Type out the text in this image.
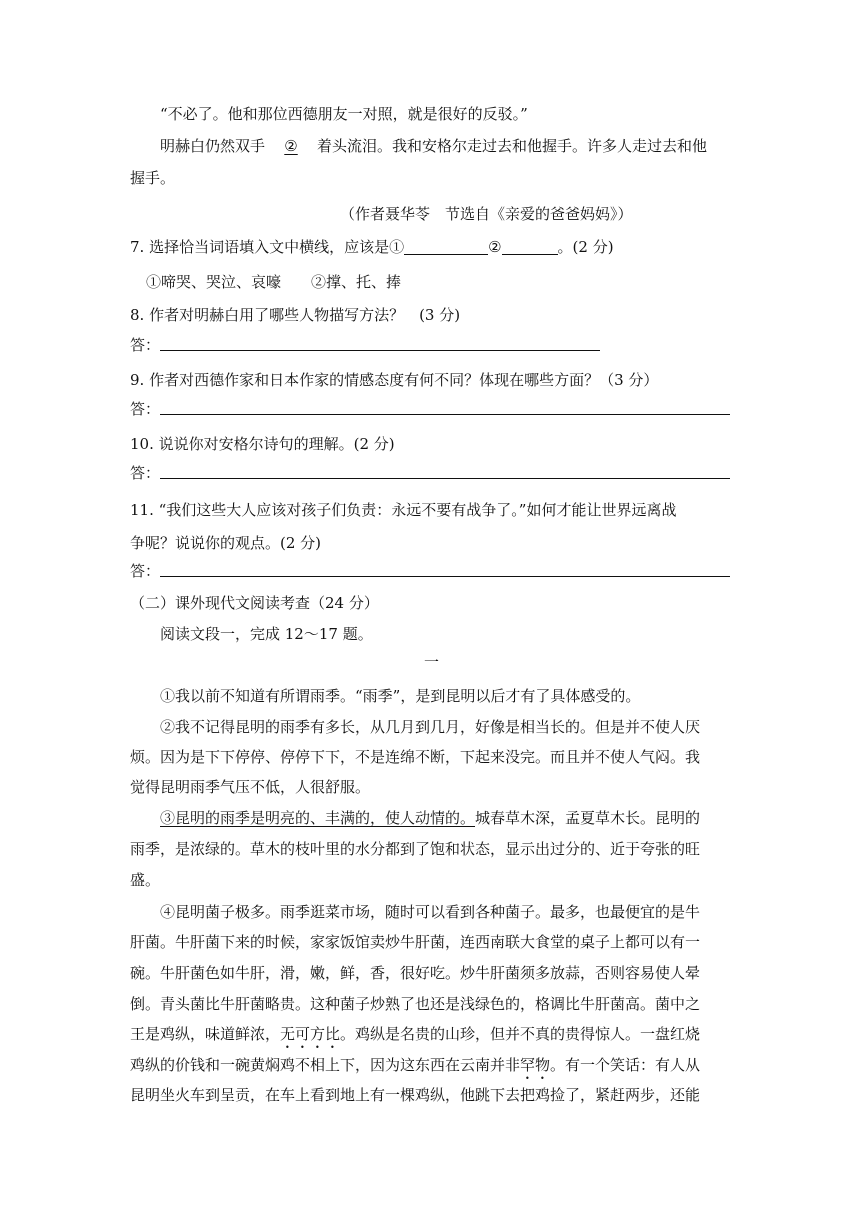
“不必了。他和那位西德朋友一对照，就是很好的反驳。”
明赫白仍然双手 ② 着头流泪。我和安格尔走过去和他握手。许多人走过去和他
握手。
（作者聂华苓　节选自《亲爱的爸爸妈妈》）
7. 选择恰当词语填入文中横线，应该是①	②	。(2 分)
①啼哭、哭泣、哀嚎　　②撑、托、捧
8. 作者对明赫白用了哪些人物描写方法？　(3 分)
答：
9. 作者对西德作家和日本作家的情感态度有何不同？体现在哪些方面？（3 分）
答：
10. 说说你对安格尔诗句的理解。(2 分)
答：
11. “我们这些大人应该对孩子们负责：永远不要有战争了。”如何才能让世界远离战
争呢？说说你的观点。(2 分)
答：
（二）课外现代文阅读考查（24 分）
阅读文段一，完成 12～17 题。
一
①我以前不知道有所谓雨季。“雨季”，是到昆明以后才有了具体感受的。
②我不记得昆明的雨季有多长，从几月到几月，好像是相当长的。但是并不使人厌
烦。因为是下下停停、停停下下，不是连绵不断，下起来没完。而且并不使人气闷。我
觉得昆明雨季气压不低，人很舒服。
③昆明的雨季是明亮的、丰满的，使人动情的。城春草木深，孟夏草木长。昆明的
雨季，是浓绿的。草木的枝叶里的水分都到了饱和状态，显示出过分的、近于夸张的旺
盛。
④昆明菌子极多。雨季逛菜市场，随时可以看到各种菌子。最多，也最便宜的是牛
肝菌。牛肝菌下来的时候，家家饭馆卖炒牛肝菌，连西南联大食堂的桌子上都可以有一
碗。牛肝菌色如牛肝，滑，嫩，鲜，香，很好吃。炒牛肝菌须多放蒜，否则容易使人晕
倒。青头菌比牛肝菌略贵。这种菌子炒熟了也还是浅绿色的，格调比牛肝菌高。菌中之
王是鸡纵，味道鲜浓，无可方比。鸡纵是名贵的山珍，但并不真的贵得惊人。一盘红烧
鸡纵的价钱和一碗黄焖鸡不相上下，因为这东西在云南并非罕物。有一个笑话：有人从
昆明坐火车到呈贡，在车上看到地上有一棵鸡纵，他跳下去把鸡捡了，紧赶两步，还能
